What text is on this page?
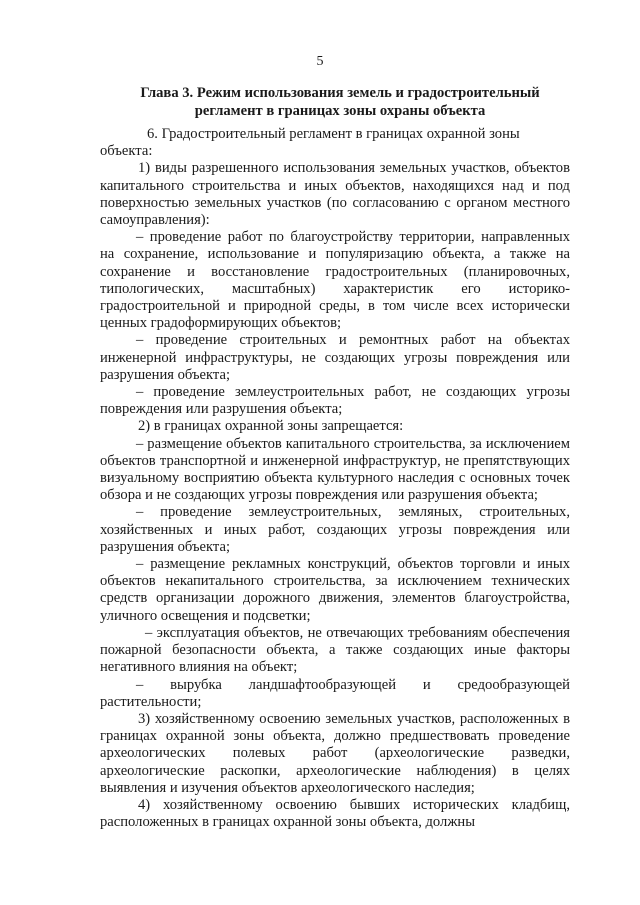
5
Глава 3. Режим использования земель и градостроительный
регламент в границах зоны охраны объекта

6. Градостроительный регламент в границах охранной зоны объекта:

1) виды разрешенного использования земельных участков, объектов капитального строительства и иных объектов, находящихся над и под поверхностью земельных участков (по согласованию с органом местного самоуправления):

– проведение работ по благоустройству территории, направленных на сохранение, использование и популяризацию объекта, а также на сохранение и восстановление градостроительных (планировочных, типологических, масштабных) характеристик его историко-градостроительной и природной среды, в том числе всех исторически ценных градоформирующих объектов;

– проведение строительных и ремонтных работ на объектах инженерной инфраструктуры, не создающих угрозы повреждения или разрушения объекта;

– проведение землеустроительных работ, не создающих угрозы повреждения или разрушения объекта;

2) в границах охранной зоны запрещается:

– размещение объектов капитального строительства, за исключением объектов транспортной и инженерной инфраструктур, не препятствующих визуальному восприятию объекта культурного наследия с основных точек обзора и не создающих угрозы повреждения или разрушения объекта;

– проведение землеустроительных, земляных, строительных, хозяйственных и иных работ, создающих угрозы повреждения или разрушения объекта;

– размещение рекламных конструкций, объектов торговли и иных объектов некапитального строительства, за исключением технических средств организации дорожного движения, элементов благоустройства, уличного освещения и подсветки;

– эксплуатация объектов, не отвечающих требованиям обеспечения пожарной безопасности объекта, а также создающих иные факторы негативного влияния на объект;

– вырубка ландшафтообразующей и средообразующей растительности;

3) хозяйственному освоению земельных участков, расположенных в границах охранной зоны объекта, должно предшествовать проведение археологических полевых работ (археологические разведки, археологические раскопки, археологические наблюдения) в целях выявления и изучения объектов археологического наследия;

4) хозяйственному освоению бывших исторических кладбищ, расположенных в границах охранной зоны объекта, должны
